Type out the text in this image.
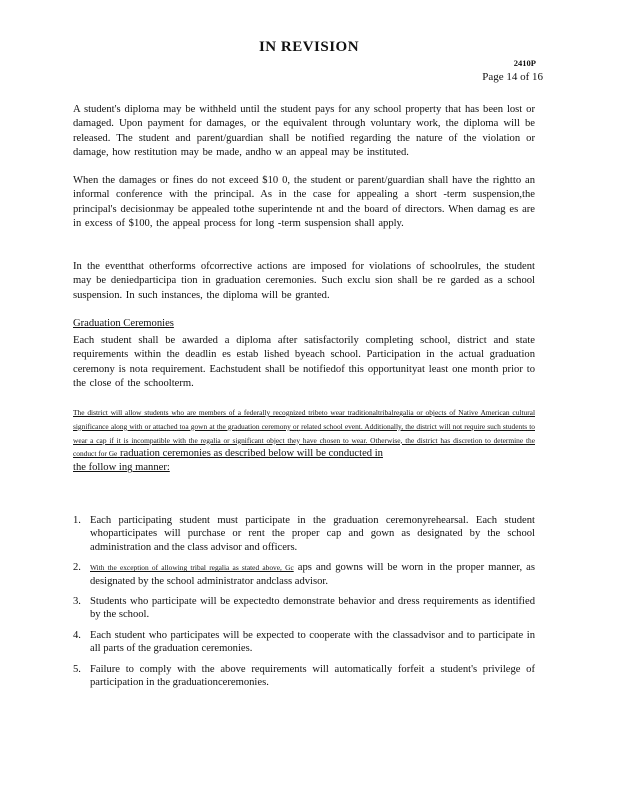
IN REVISION
2410P
Page 14 of 16

A student's diploma may be withheld until the student pays for any school property that has been lost or damaged. Upon payment for damages, or the equivalent through voluntary work, the diploma will be released. The student and parent/guardian shall be notified regarding the nature of the violation or damage, how restitution may be made, andho w an appeal may be instituted.

When the damages or fines do not exceed $10 0, the student or parent/guardian shall have the rightto an informal conference with the principal. As in the case for appealing a short -term suspension,the principal's decisionmay be appealed tothe superintende nt and the board of directors. When damag es are in excess of $100, the appeal process for long -term suspension shall apply.

In the eventthat otherforms ofcorrective actions are imposed for violations of schoolrules, the student may be deniedparticipa tion in graduation ceremonies. Such exclu sion shall be re garded as a school suspension. In such instances, the diploma will be granted.

Graduation Ceremonies

Each student shall be awarded a diploma after satisfactorily completing school, district and state requirements within the deadlin es estab lished byeach school. Participation in the actual graduation ceremony is nota requirement. Eachstudent shall be notifiedof this opportunityat least one month prior to the close of the schoolterm.

The district will allow students who are members of a federally recognized tribeto wear traditionaltribalregalia or objects of Native American cultural significance along with or attached toa gown at the graduation ceremony or related school event. Additionally, the district will not require such students to wear a cap if it is incompatible with the regalia or significant object they have chosen to wear. Otherwise, the district has discretion to determine the conduct for Ge raduation ceremonies as described below will be conducted in
the follow ing manner:
1. Each participating student must participate in the graduation ceremonyrehearsal. Each student whoparticipates will purchase or rent the proper cap and gown as designated by the school administration and the class advisor and officers.
2. With the exception of allowing tribal regalia as stated above, Gc aps and gowns will be worn in the proper manner, as designated by the school administrator andclass advisor.
3. Students who participate will be expectedto demonstrate behavior and dress requirements as identified by the school.
4. Each student who participates will be expected to cooperate with the classadvisor and to participate in all parts of the graduation ceremonies.
5. Failure to comply with the above requirements will automatically forfeit a student's privilege of participation in the graduationceremonies.
